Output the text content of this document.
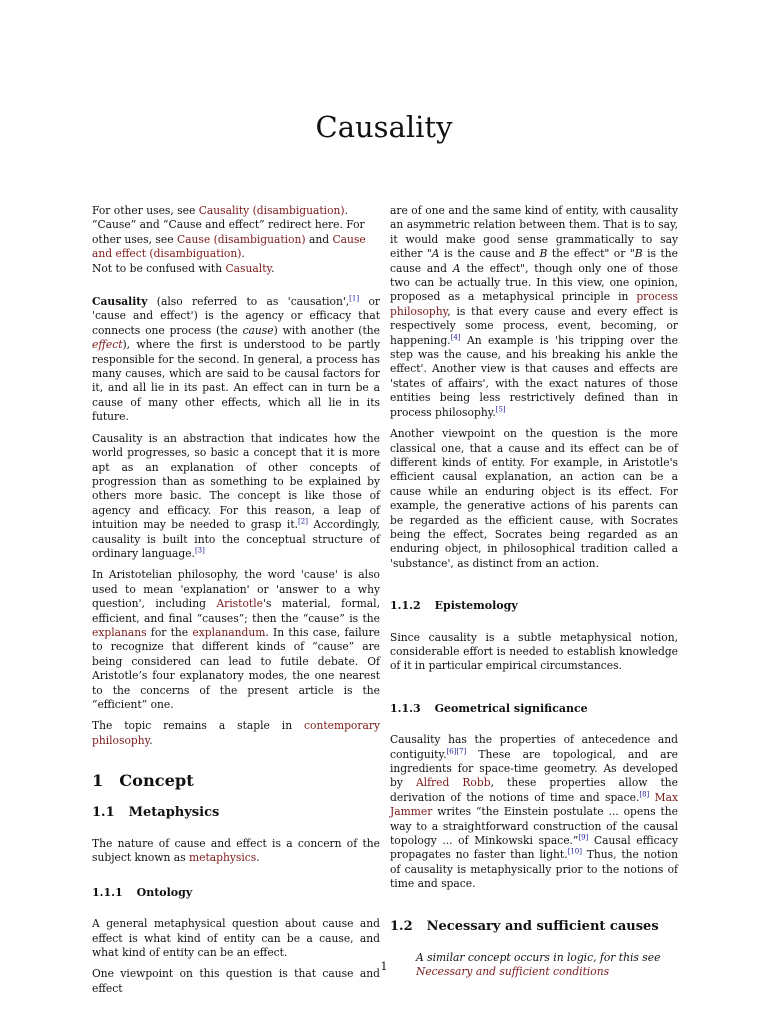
Causality

For other uses, see Causality (disambiguation).

“Cause” and “Cause and effect” redirect here. For other uses, see Cause (disambiguation) and Cause and effect (disambiguation).

Not to be confused with Casualty.

Causality (also referred to as 'causation',[1] or 'cause and effect') is the agency or efficacy that connects one process (the cause) with another (the effect), where the first is understood to be partly responsible for the second. In general, a process has many causes, which are said to be causal factors for it, and all lie in its past. An effect can in turn be a cause of many other effects, which all lie in its future.

Causality is an abstraction that indicates how the world progresses, so basic a concept that it is more apt as an explanation of other concepts of progression than as something to be explained by others more basic. The concept is like those of agency and efficacy. For this reason, a leap of intuition may be needed to grasp it.[2] Accordingly, causality is built into the conceptual structure of ordinary language.[3]

In Aristotelian philosophy, the word 'cause' is also used to mean 'explanation' or 'answer to a why question', including Aristotle's material, formal, efficient, and final “causes”; then the “cause” is the explanans for the explanandum. In this case, failure to recognize that different kinds of “cause” are being considered can lead to futile debate. Of Aristotle’s four explanatory modes, the one nearest to the concerns of the present article is the “efficient” one.

The topic remains a staple in contemporary philosophy.

1 Concept
1.1 Metaphysics

The nature of cause and effect is a concern of the subject known as metaphysics.

1.1.1 Ontology

A general metaphysical question about cause and effect is what kind of entity can be a cause, and what kind of entity can be an effect.

One viewpoint on this question is that cause and effect

are of one and the same kind of entity, with causality an asymmetric relation between them. That is to say, it would make good sense grammatically to say either "A is the cause and B the effect" or "B is the cause and A the effect", though only one of those two can be actually true. In this view, one opinion, proposed as a metaphysical principle in process philosophy, is that every cause and every effect is respectively some process, event, becoming, or happening.[4] An example is 'his tripping over the step was the cause, and his breaking his ankle the effect'. Another view is that causes and effects are 'states of affairs', with the exact natures of those entities being less restrictively defined than in process philosophy.[5]

Another viewpoint on the question is the more classical one, that a cause and its effect can be of different kinds of entity. For example, in Aristotle's efficient causal explanation, an action can be a cause while an enduring object is its effect. For example, the generative actions of his parents can be regarded as the efficient cause, with Socrates being the effect, Socrates being regarded as an enduring object, in philosophical tradition called a 'substance', as distinct from an action.

1.1.2 Epistemology

Since causality is a subtle metaphysical notion, considerable effort is needed to establish knowledge of it in particular empirical circumstances.

1.1.3 Geometrical significance

Causality has the properties of antecedence and contiguity.[6][7] These are topological, and are ingredients for space-time geometry. As developed by Alfred Robb, these properties allow the derivation of the notions of time and space.[8] Max Jammer writes “the Einstein postulate ... opens the way to a straightforward construction of the causal topology ... of Minkowski space.”[9] Causal efficacy propagates no faster than light.[10] Thus, the notion of causality is metaphysically prior to the notions of time and space.

1.2 Necessary and sufficient causes

A similar concept occurs in logic, for this see Necessary and sufficient conditions

1
